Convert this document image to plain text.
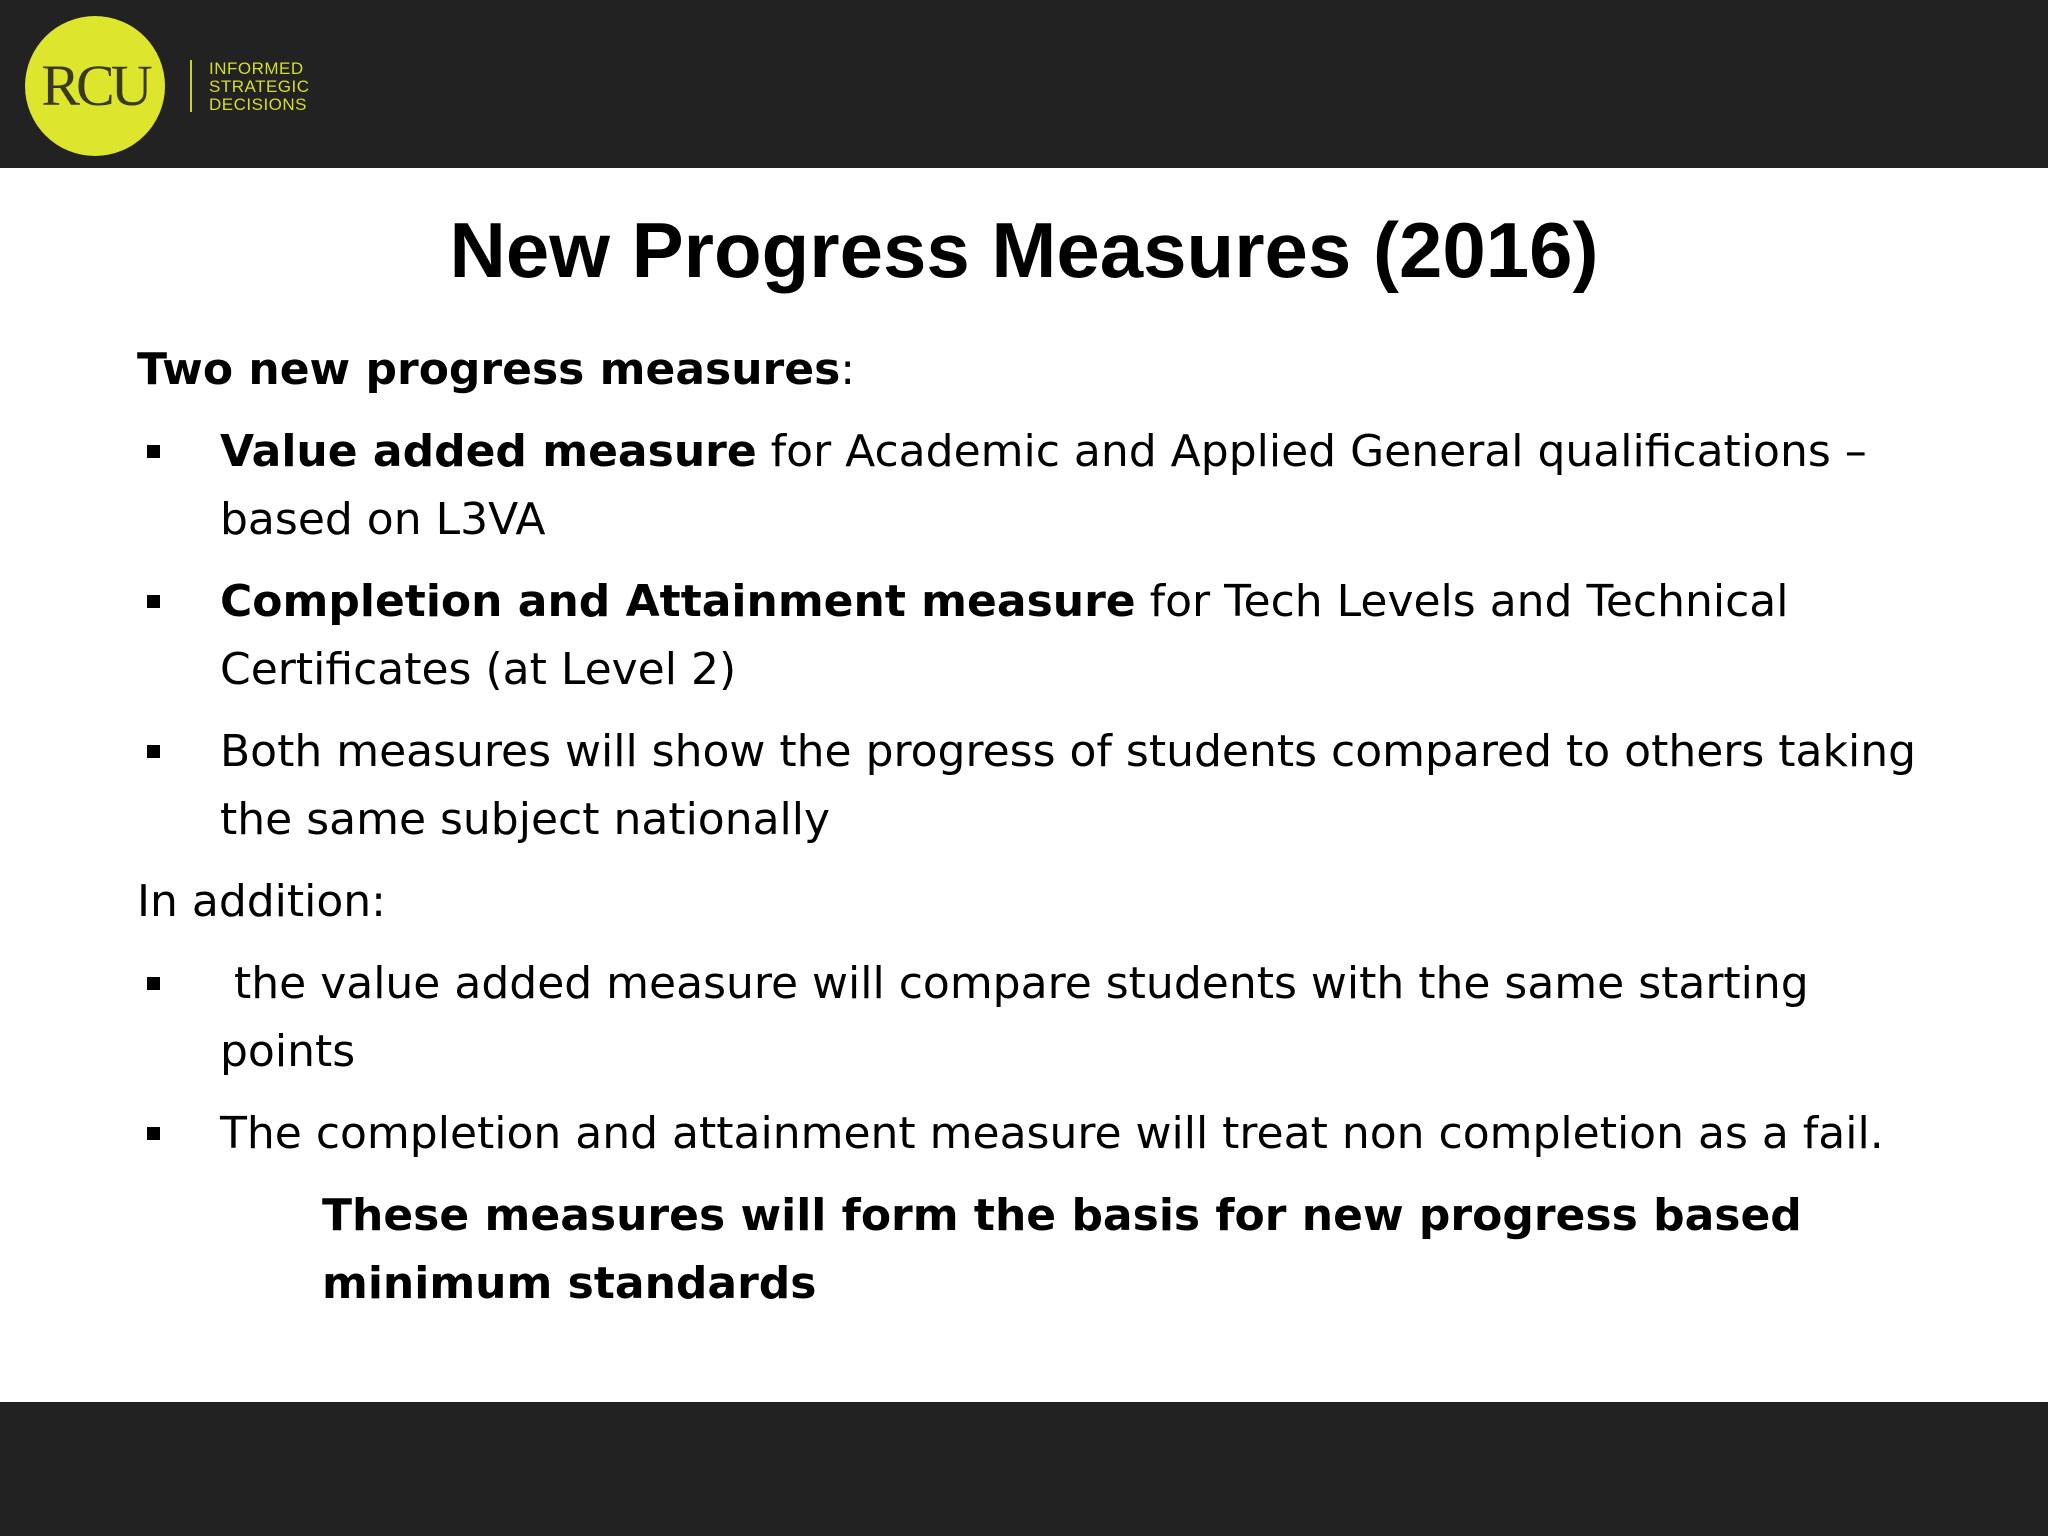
RCU	INFORMED
STRATEGIC
DECISIONS
New Progress Measures (2016)

Two new progress measures:

Value added measure for Academic and Applied General qualifications – based on L3VA

Completion and Attainment measure for Tech Levels and Technical Certificates (at Level 2)

Both measures will show the progress of students compared to others taking the same subject nationally

In addition:

the value added measure will compare students with the same starting points

The completion and attainment measure will treat non completion as a fail.

These measures will form the basis for new progress based minimum standards
